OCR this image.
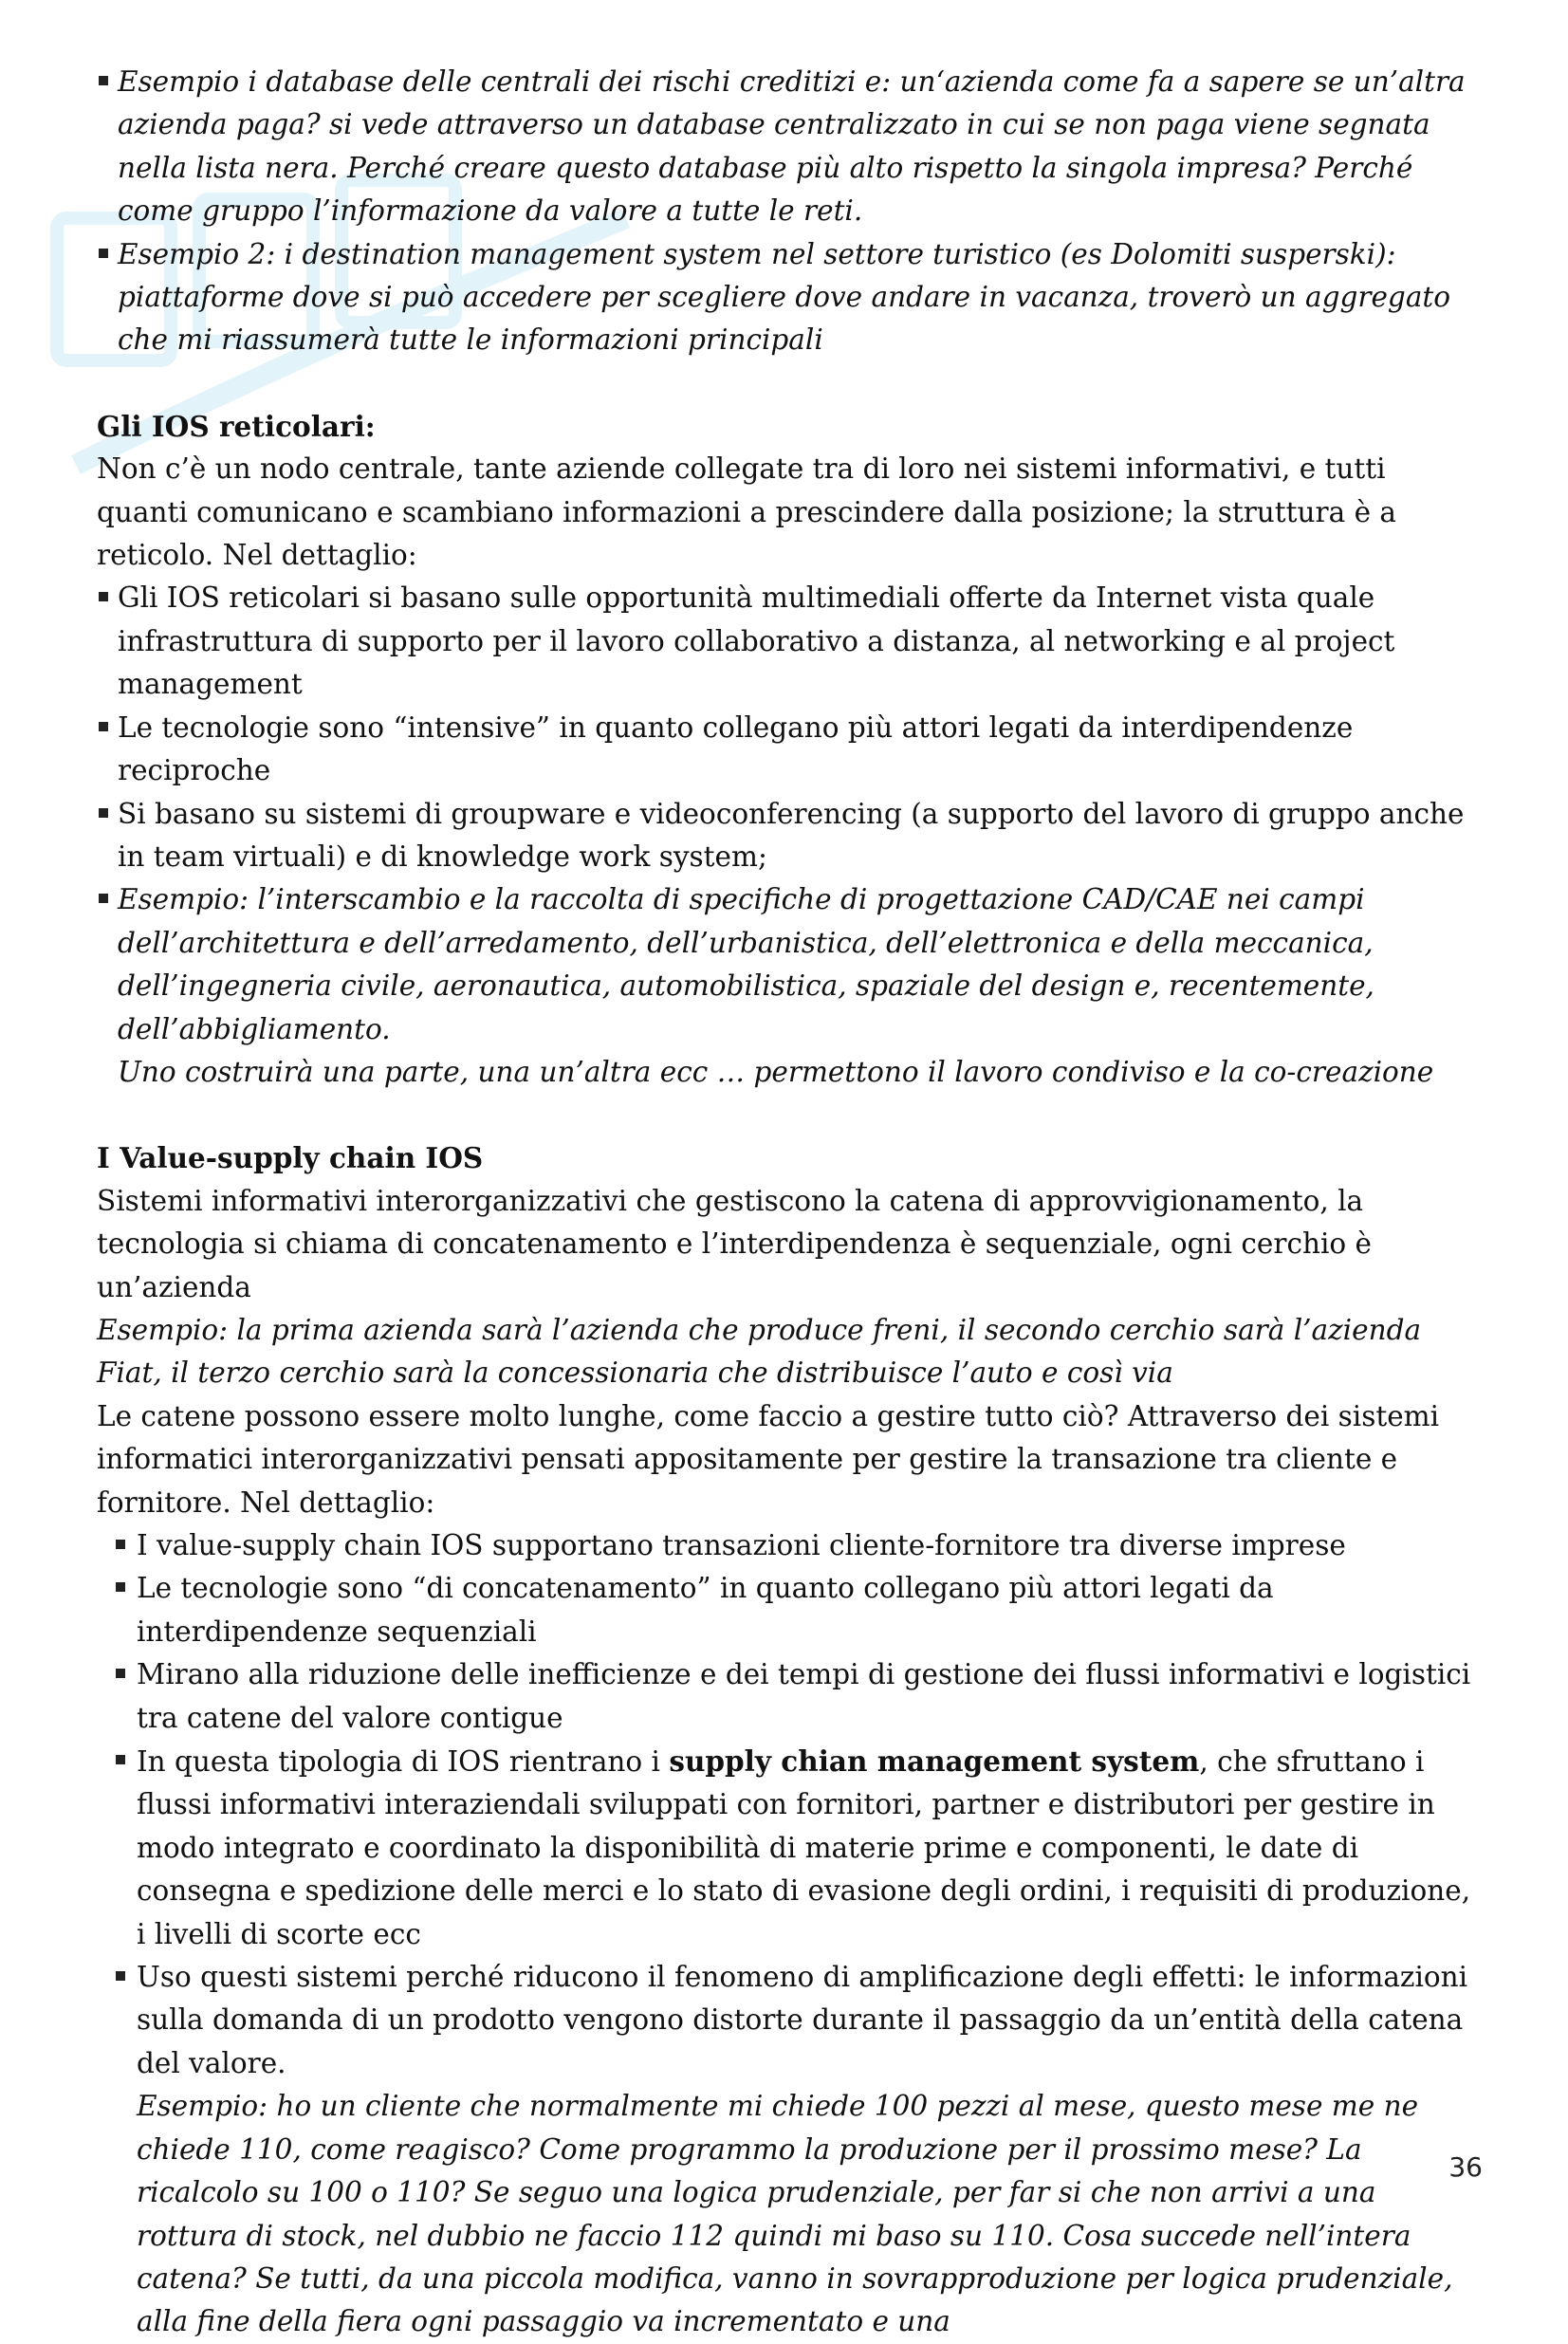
Esempio i database delle centrali dei rischi creditizi e: un‘azienda come fa a sapere se un’altra azienda paga? si vede attraverso un database centralizzato in cui se non paga viene segnata nella lista nera. Perché creare questo database più alto rispetto la singola impresa? Perché come gruppo l’informazione da valore a tutte le reti.
Esempio 2: i destination management system nel settore turistico (es Dolomiti susperski): piattaforme dove si può accedere per scegliere dove andare in vacanza, troverò un aggregato che mi riassumerà tutte le informazioni principali

Gli IOS reticolari:

Non c’è un nodo centrale, tante aziende collegate tra di loro nei sistemi informativi, e tutti quanti comunicano e scambiano informazioni a prescindere dalla posizione; la struttura è a reticolo. Nel dettaglio:

Gli IOS reticolari si basano sulle opportunità multimediali offerte da Internet vista quale infrastruttura di supporto per il lavoro collaborativo a distanza, al networking e al project management
Le tecnologie sono “intensive” in quanto collegano più attori legati da interdipendenze reciproche
Si basano su sistemi di groupware e videoconferencing (a supporto del lavoro di gruppo anche in team virtuali) e di knowledge work system;
Esempio: l’interscambio e la raccolta di specifiche di progettazione CAD/CAE nei campi dell’architettura e dell’arredamento, dell’urbanistica, dell’elettronica e della meccanica, dell’ingegneria civile, aeronautica, automobilistica, spaziale del design e, recentemente, dell’abbigliamento.
Uno costruirà una parte, una un’altra ecc … permettono il lavoro condiviso e la co-creazione

I Value-supply chain IOS

Sistemi informativi interorganizzativi che gestiscono la catena di approvvigionamento, la tecnologia si chiama di concatenamento e l’interdipendenza è sequenziale, ogni cerchio è un’azienda

Esempio: la prima azienda sarà l’azienda che produce freni, il secondo cerchio sarà l’azienda Fiat, il terzo cerchio sarà la concessionaria che distribuisce l’auto e così via

Le catene possono essere molto lunghe, come faccio a gestire tutto ciò? Attraverso dei sistemi informatici interorganizzativi pensati appositamente per gestire la transazione tra cliente e fornitore. Nel dettaglio:

I value-supply chain IOS supportano transazioni cliente-fornitore tra diverse imprese
Le tecnologie sono “di concatenamento” in quanto collegano più attori legati da interdipendenze sequenziali
Mirano alla riduzione delle inefficienze e dei tempi di gestione dei flussi informativi e logistici tra catene del valore contigue
In questa tipologia di IOS rientrano i supply chian management system, che sfruttano i flussi informativi interaziendali sviluppati con fornitori, partner e distributori per gestire in modo integrato e coordinato la disponibilità di materie prime e componenti, le date di consegna e spedizione delle merci e lo stato di evasione degli ordini, i requisiti di produzione, i livelli di scorte ecc
Uso questi sistemi perché riducono il fenomeno di amplificazione degli effetti: le informazioni sulla domanda di un prodotto vengono distorte durante il passaggio da un’entità della catena del valore.
Esempio: ho un cliente che normalmente mi chiede 100 pezzi al mese, questo mese me ne chiede 110, come reagisco? Come programmo la produzione per il prossimo mese? La ricalcolo su 100 o 110? Se seguo una logica prudenziale, per far si che non arrivi a una rottura di stock, nel dubbio ne faccio 112 quindi mi baso su 110. Cosa succede nell’intera catena? Se tutti, da una piccola modifica, vanno in sovrapproduzione per logica prudenziale, alla fine della fiera ogni passaggio va incrementato e una
36
